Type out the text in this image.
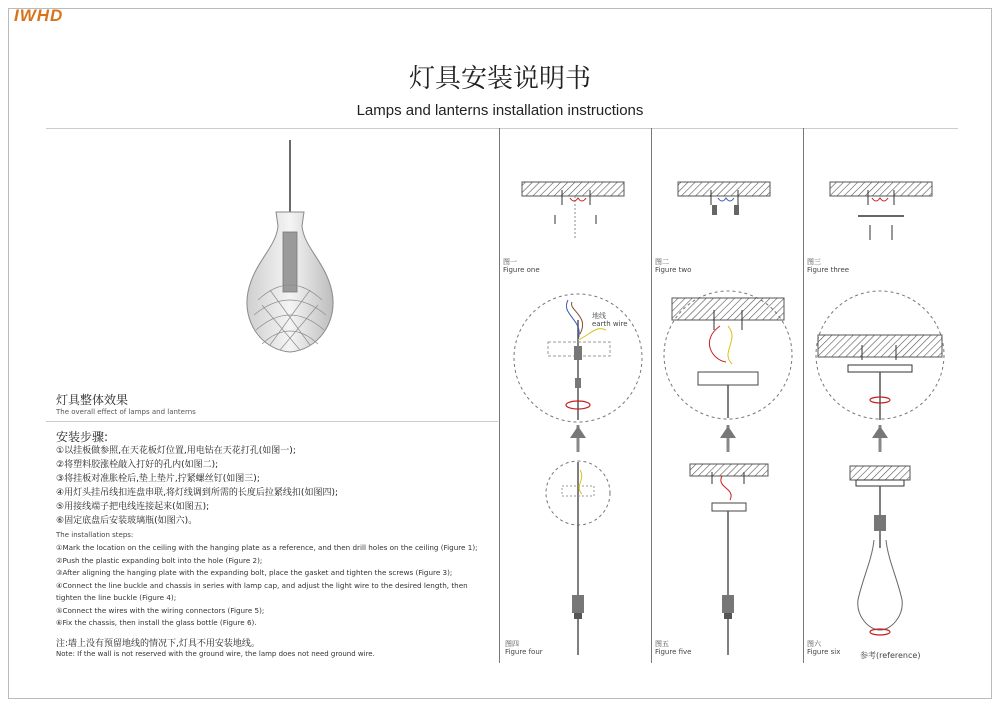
IWHD
灯具安装说明书
Lamps and lanterns installation instructions
灯具整体效果
The overall effect of lamps and lanterns
安装步骤:
①以挂板做参照,在天花板灯位置,用电钻在天花打孔(如图一);
②将塑料胶涨栓敲入打好的孔内(如图二);
③将挂板对准胀栓后,垫上垫片,拧紧螺丝钉(如图三);
④用灯头挂吊线扣连盘串联,将灯线调到所需的长度后拉紧线扣(如图四);
⑤用接线端子把电线连接起来(如图五);
⑥固定底盘后安装玻璃瓶(如图六)。
The installation steps:
①Mark the location on the ceiling with the hanging plate as a reference, and then drill holes on the ceiling (Figure 1);
②Push the plastic expanding bolt into the hole (Figure 2);
③After aligning the hanging plate with the expanding bolt, place the gasket and tighten the screws (Figure 3);
④Connect the line buckle and chassis in series with lamp cap, and adjust the light wire to the desired length, then
tighten the line buckle (Figure 4);
⑤Connect the wires with the wiring connectors (Figure 5);
⑥Fix the chassis, then install the glass bottle (Figure 6).
注:墙上没有预留地线的情况下,灯具不用安装地线。
Note: If the wall is not reserved with the ground wire, the lamp does not need ground wire.
图一
Figure one
图二
Figure two
图三
Figure three
图四
Figure four
图五
Figure five
图六
Figure six
地线
earth wire
参考(reference)
